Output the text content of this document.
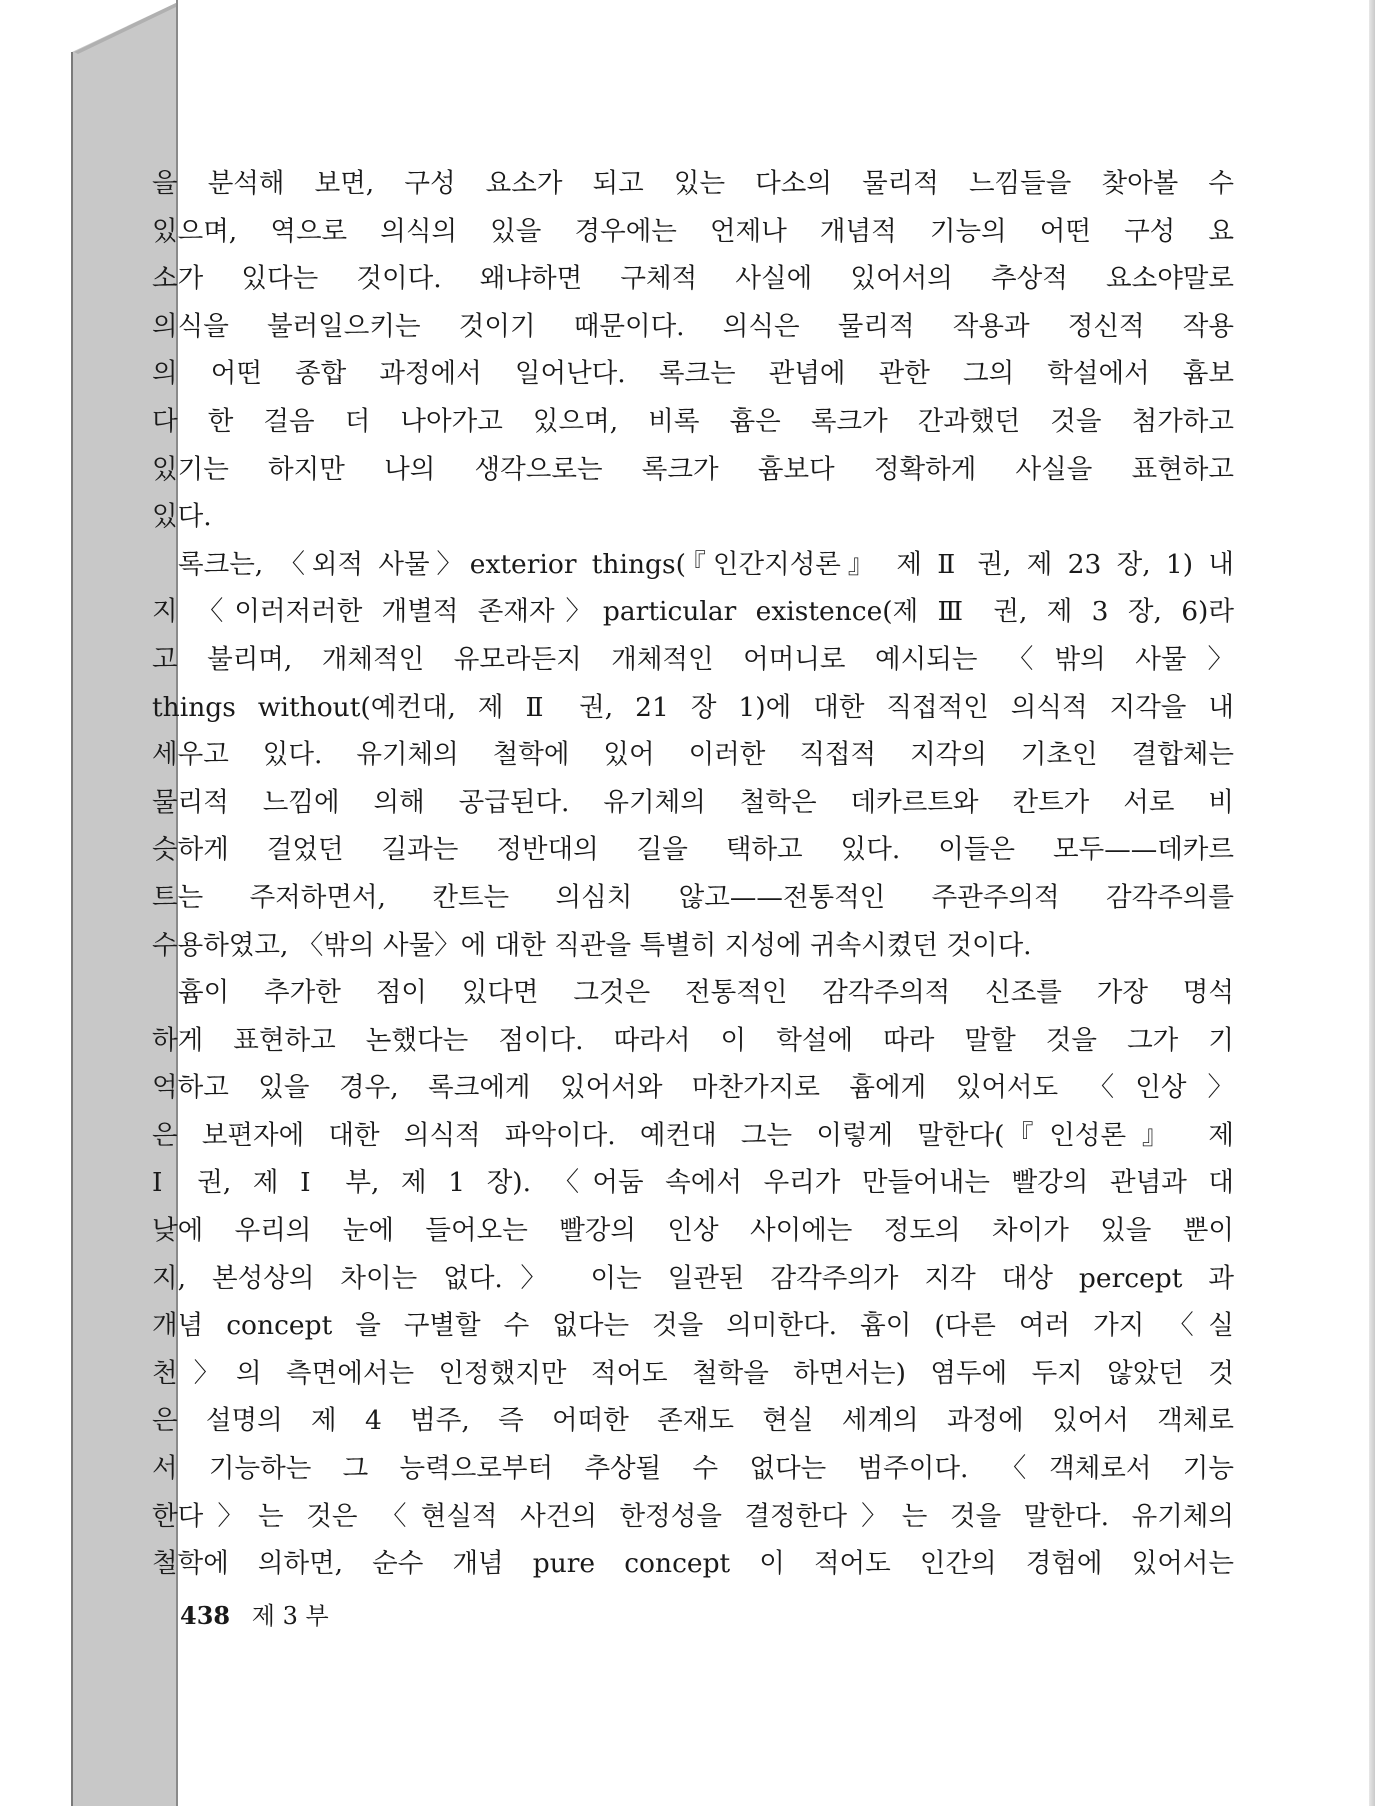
을 분석해 보면, 구성 요소가 되고 있는 다소의 물리적 느낌들을 찾아볼 수
있으며, 역으로 의식의 있을 경우에는 언제나 개념적 기능의 어떤 구성 요
소가 있다는 것이다. 왜냐하면 구체적 사실에 있어서의 추상적 요소야말로
의식을 불러일으키는 것이기 때문이다. 의식은 물리적 작용과 정신적 작용
의 어떤 종합 과정에서 일어난다. 록크는 관념에 관한 그의 학설에서 흄보
다 한 걸음 더 나아가고 있으며, 비록 흄은 록크가 간과했던 것을 첨가하고
있기는 하지만 나의 생각으로는 록크가 흄보다 정확하게 사실을 표현하고
있다.
록크는, 〈외적 사물〉exterior things(『인간지성론』 제 Ⅱ 권, 제 23 장, 1) 내
지 〈이러저러한 개별적 존재자〉particular existence(제 Ⅲ 권, 제 3 장, 6)라
고 불리며, 개체적인 유모라든지 개체적인 어머니로 예시되는 〈밖의 사물〉
things without(예컨대, 제 Ⅱ 권, 21 장 1)에 대한 직접적인 의식적 지각을 내
세우고 있다. 유기체의 철학에 있어 이러한 직접적 지각의 기초인 결합체는
물리적 느낌에 의해 공급된다. 유기체의 철학은 데카르트와 칸트가 서로 비
슷하게 걸었던 길과는 정반대의 길을 택하고 있다. 이들은 모두——데카르
트는 주저하면서, 칸트는 의심치 않고——전통적인 주관주의적 감각주의를
수용하였고, 〈밖의 사물〉에 대한 직관을 특별히 지성에 귀속시켰던 것이다.
흄이 추가한 점이 있다면 그것은 전통적인 감각주의적 신조를 가장 명석
하게 표현하고 논했다는 점이다. 따라서 이 학설에 따라 말할 것을 그가 기
억하고 있을 경우, 록크에게 있어서와 마찬가지로 흄에게 있어서도 〈인상〉
은 보편자에 대한 의식적 파악이다. 예컨대 그는 이렇게 말한다(『인성론』 제
Ⅰ 권, 제 Ⅰ 부, 제 1 장). 〈어둠 속에서 우리가 만들어내는 빨강의 관념과 대
낮에 우리의 눈에 들어오는 빨강의 인상 사이에는 정도의 차이가 있을 뿐이
지, 본성상의 차이는 없다.〉 이는 일관된 감각주의가 지각 대상 percept 과
개념 concept 을 구별할 수 없다는 것을 의미한다. 흄이 (다른 여러 가지 〈실
천〉의 측면에서는 인정했지만 적어도 철학을 하면서는) 염두에 두지 않았던 것
은 설명의 제 4 범주, 즉 어떠한 존재도 현실 세계의 과정에 있어서 객체로
서 기능하는 그 능력으로부터 추상될 수 없다는 범주이다. 〈객체로서 기능
한다〉는 것은 〈현실적 사건의 한정성을 결정한다〉는 것을 말한다. 유기체의
철학에 의하면, 순수 개념 pure concept 이 적어도 인간의 경험에 있어서는
438 제 3 부
